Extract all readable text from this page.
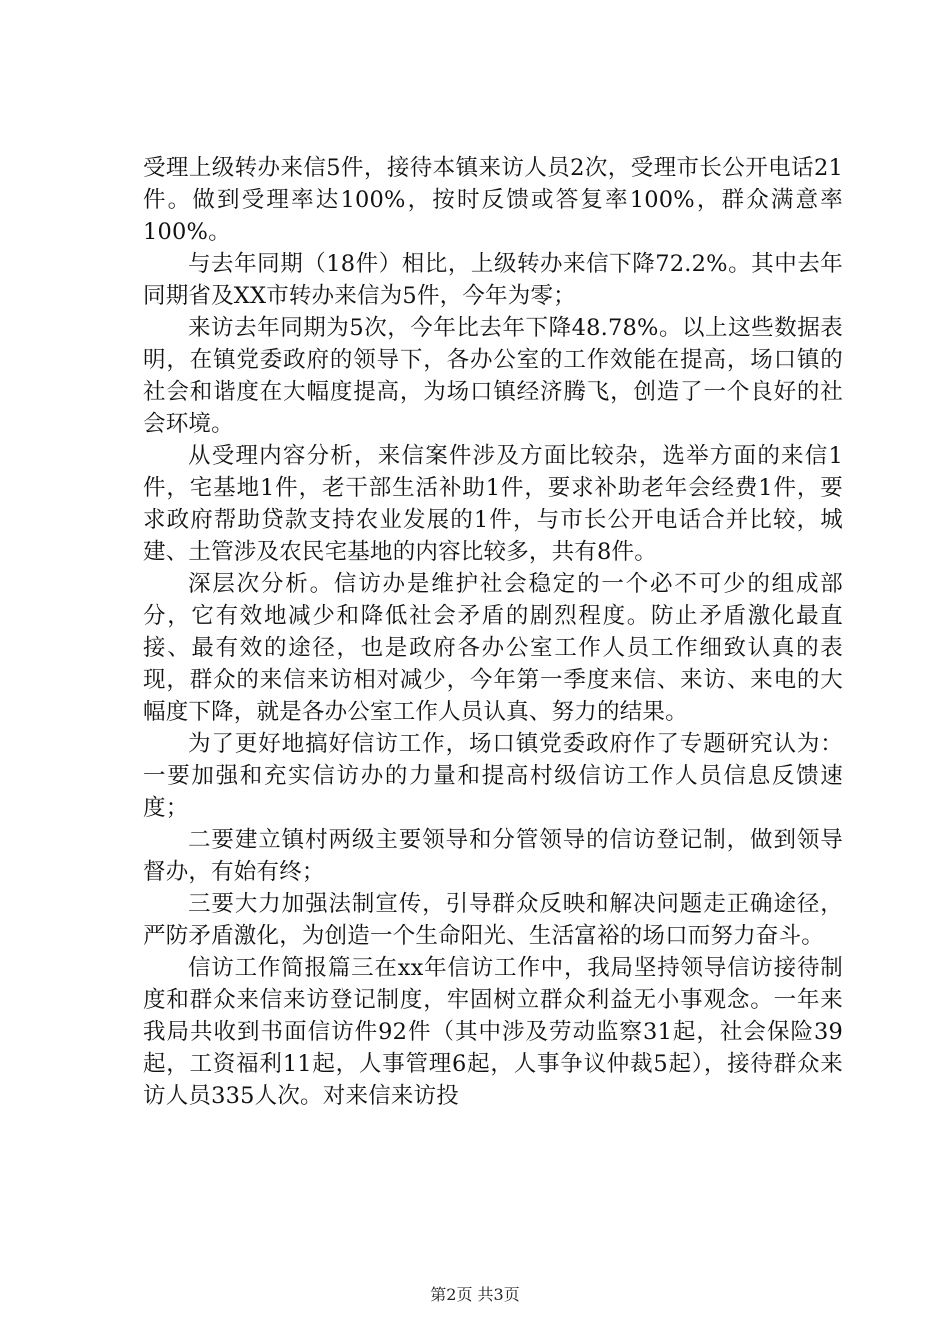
受理上级转办来信5件，接待本镇来访人员2次，受理市长公开电话21件。做到受理率达100%，按时反馈或答复率100%，群众满意率100%。

与去年同期（18件）相比，上级转办来信下降72.2%。其中去年同期省及XX市转办来信为5件，今年为零；

来访去年同期为5次，今年比去年下降48.78%。以上这些数据表明，在镇党委政府的领导下，各办公室的工作效能在提高，场口镇的社会和谐度在大幅度提高，为场口镇经济腾飞，创造了一个良好的社会环境。

从受理内容分析，来信案件涉及方面比较杂，选举方面的来信1件，宅基地1件，老干部生活补助1件，要求补助老年会经费1件，要求政府帮助贷款支持农业发展的1件，与市长公开电话合并比较，城建、土管涉及农民宅基地的内容比较多，共有8件。

深层次分析。信访办是维护社会稳定的一个必不可少的组成部分，它有效地减少和降低社会矛盾的剧烈程度。防止矛盾激化最直接、最有效的途径，也是政府各办公室工作人员工作细致认真的表现，群众的来信来访相对减少，今年第一季度来信、来访、来电的大幅度下降，就是各办公室工作人员认真、努力的结果。

为了更好地搞好信访工作，场口镇党委政府作了专题研究认为：一要加强和充实信访办的力量和提高村级信访工作人员信息反馈速度；

二要建立镇村两级主要领导和分管领导的信访登记制，做到领导督办，有始有终；

三要大力加强法制宣传，引导群众反映和解决问题走正确途径，严防矛盾激化，为创造一个生命阳光、生活富裕的场口而努力奋斗。

信访工作简报篇三在xx年信访工作中，我局坚持领导信访接待制度和群众来信来访登记制度，牢固树立群众利益无小事观念。一年来我局共收到书面信访件92件（其中涉及劳动监察31起，社会保险39起，工资福利11起，人事管理6起，人事争议仲裁5起），接待群众来访人员335人次。对来信来访投

第2页 共3页
